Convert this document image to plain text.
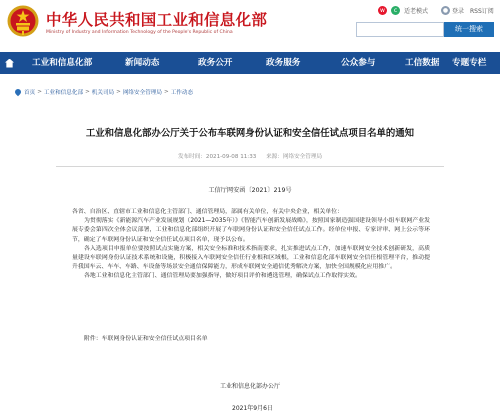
中华人民共和国工业和信息化部
Ministry of Industry and Information Technology of the People's Republic of China
w	c	适老模式	● 登录 RSS订阅
统一搜索
工业和信息化部	新闻动态	政务公开	政务服务	公众参与	工信数据 专题专栏
首页 > 工业和信息化部 > 机关司局 > 网络安全管理局 > 工作动态
工业和信息化部办公厅关于公布车联网身份认证和安全信任试点项目名单的通知
发布时间：2021-09-08 11:33 来源：网络安全管理局
工信厅网安函〔2021〕219号

各省、自治区、直辖市工业和信息化主管部门、通信管理局，部属有关单位，有关中央企业，相关单位：

为贯彻落实《新能源汽车产业发展规划（2021—2035年）》《智能汽车创新发展战略》，按照国家制造强国建设领导小组车联网产业发展专委会第四次全体会议部署，工业和信息化部组织开展了车联网身份认证和安全信任试点工作。经单位申报、专家评审、网上公示等环节，确定了车联网身份认证和安全信任试点项目名单，现予以公布。

各入选项目申报单位要按照试点实施方案，相关安全标准和技术指南要求，扎实推进试点工作，加速车联网安全技术创新研发，高质量建设车联网身份认证技术系统和设施，积极接入车联网安全信任行业根和区域根，工业和信息化部车联网安全信任根管理平台，推动提升我国车云、车车、车路、车设备等场景安全通信保障能力，形成车联网安全通信优秀解决方案，加快全国规模化应用推广。

各地工业和信息化主管部门、通信管理局要加强指导，做好项目评价和遴选管理，确保试点工作取得实效。

附件：车联网身份认证和安全信任试点项目名单
工业和信息化部办公厅
2021年9月6日
